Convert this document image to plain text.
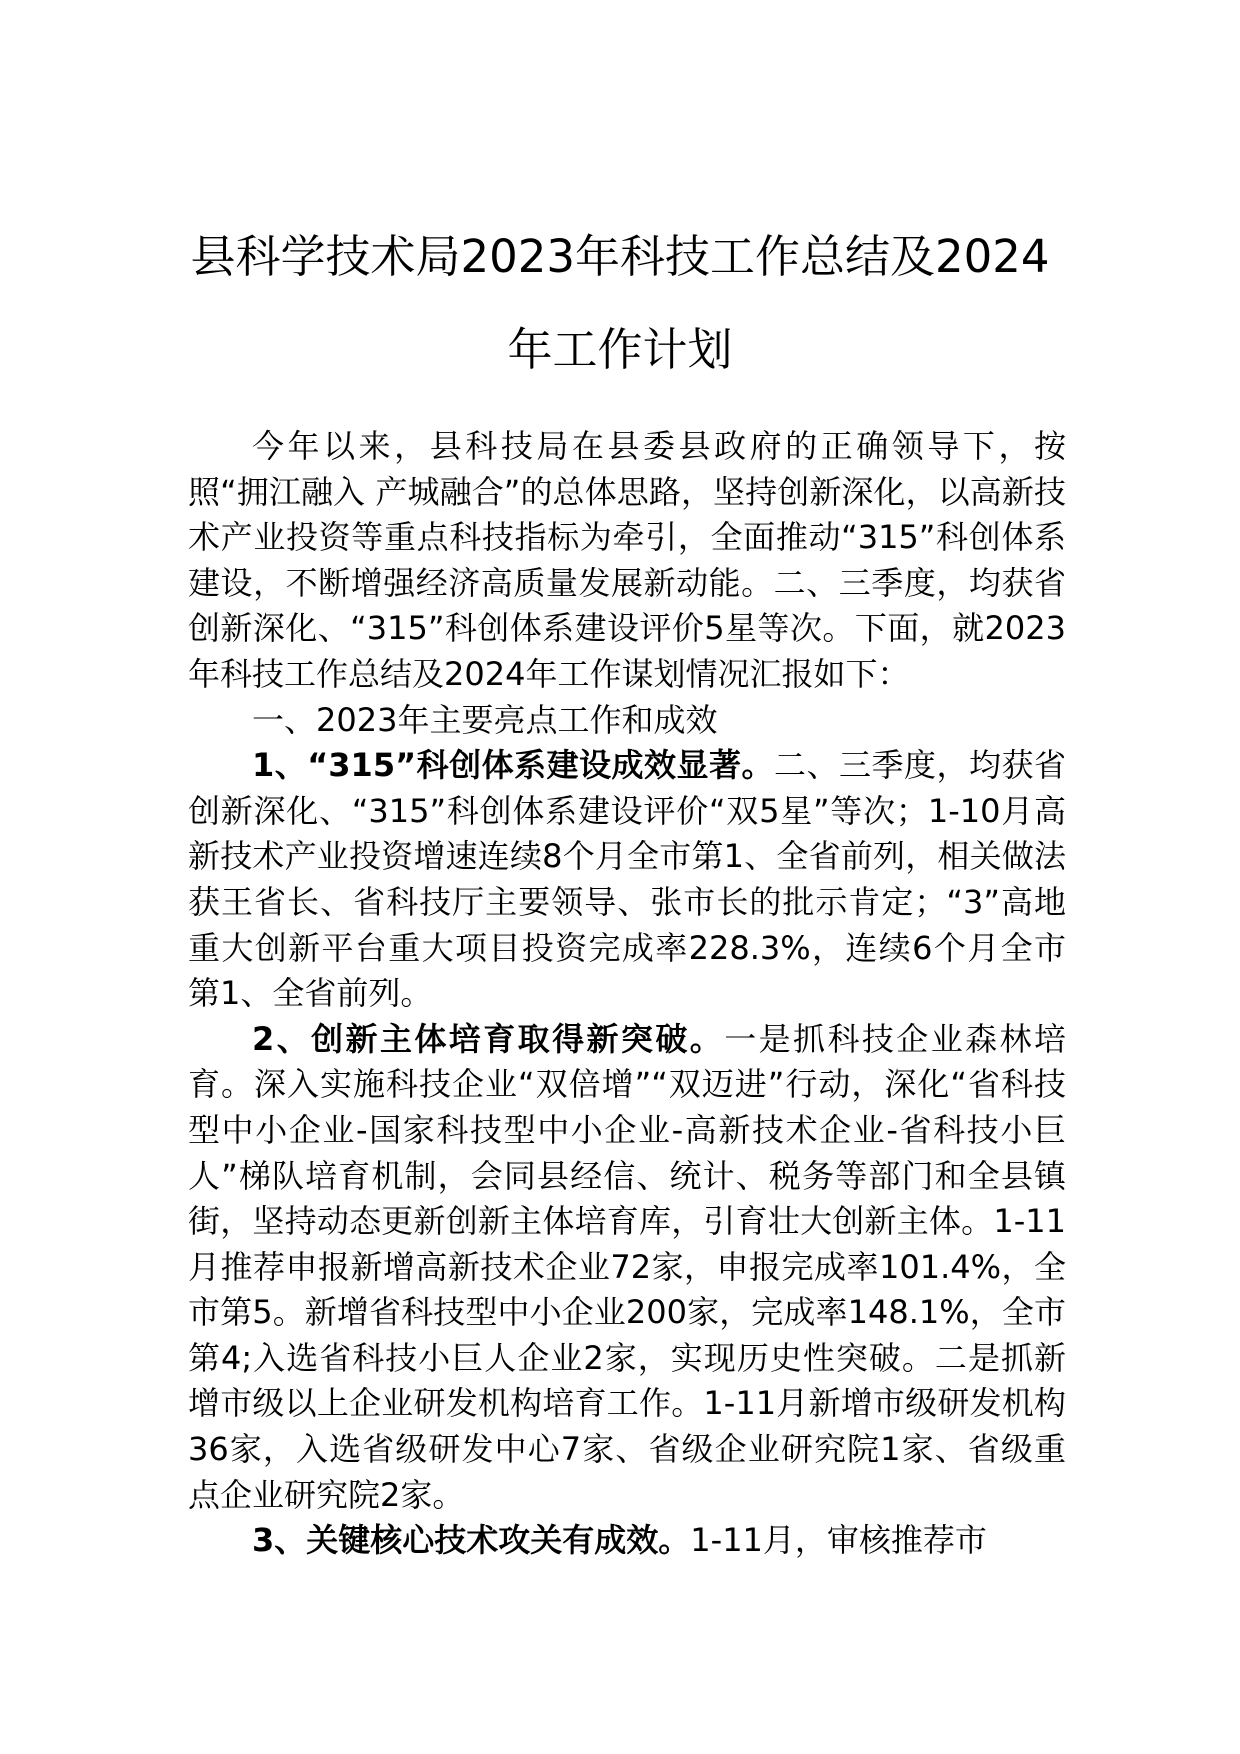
县科学技术局2023年科技工作总结及2024
年工作计划

今年以来，县科技局在县委县政府的正确领导下，按照“拥江融入 产城融合”的总体思路，坚持创新深化，以高新技术产业投资等重点科技指标为牵引，全面推动“315”科创体系建设，不断增强经济高质量发展新动能。二、三季度，均获省创新深化、“315”科创体系建设评价5星等次。下面，就2023年科技工作总结及2024年工作谋划情况汇报如下：

一、2023年主要亮点工作和成效

1、“315”科创体系建设成效显著。二、三季度，均获省创新深化、“315”科创体系建设评价“双5星”等次；1-10月高新技术产业投资增速连续8个月全市第1、全省前列，相关做法获王省长、省科技厅主要领导、张市长的批示肯定；“3”高地重大创新平台重大项目投资完成率228.3%，连续6个月全市第1、全省前列。

2、创新主体培育取得新突破。一是抓科技企业森林培育。深入实施科技企业“双倍增”“双迈进”行动，深化“省科技型中小企业-国家科技型中小企业-高新技术企业-省科技小巨人”梯队培育机制，会同县经信、统计、税务等部门和全县镇街，坚持动态更新创新主体培育库，引育壮大创新主体。1-11月推荐申报新增高新技术企业72家，申报完成率101.4%，全市第5。新增省科技型中小企业200家，完成率148.1%，全市第4;入选省科技小巨人企业2家，实现历史性突破。二是抓新增市级以上企业研发机构培育工作。1-11月新增市级研发机构36家，入选省级研发中心7家、省级企业研究院1家、省级重点企业研究院2家。

3、关键核心技术攻关有成效。1-11月，审核推荐市
